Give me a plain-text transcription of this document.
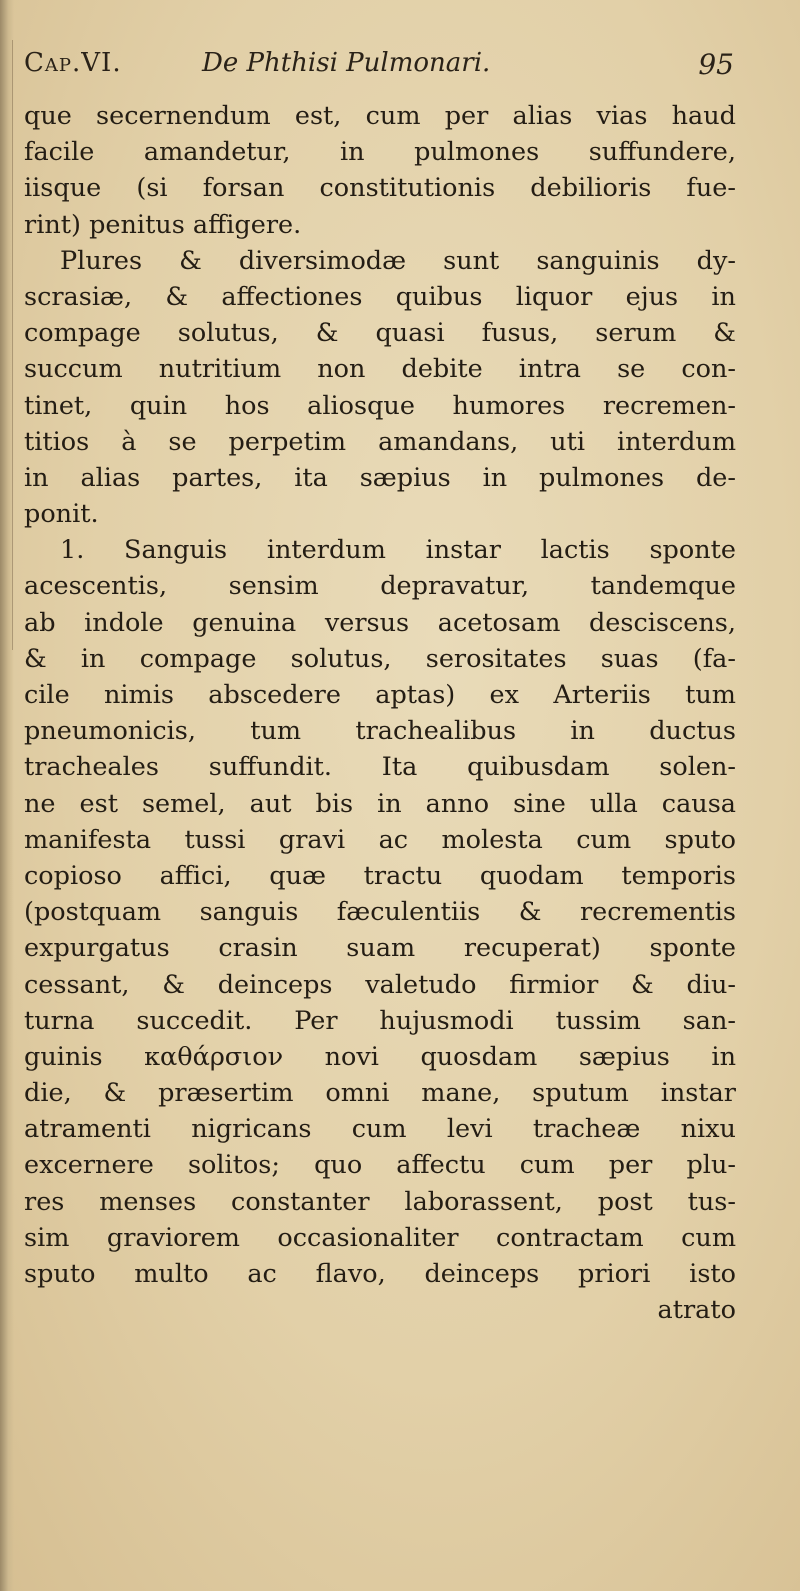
Cap.VI.	De Phthisi Pulmonari.	95
que secernendum est, cum per alias vias haud
facile amandetur, in pulmones suffundere,
iisque (si forsan constitutionis debilioris fue-
rint) penitus affigere.
Plures & diversimodæ sunt sanguinis dy-
scrasiæ, & affectiones quibus liquor ejus in
compage solutus, & quasi fusus, serum &
succum nutritium non debite intra se con-
tinet, quin hos aliosque humores recremen-
titios à se perpetim amandans, uti interdum
in alias partes, ita sæpius in pulmones de-
ponit.
1. Sanguis interdum instar lactis sponte
acescentis, sensim depravatur, tandemque
ab indole genuina versus acetosam desciscens,
& in compage solutus, serositates suas (fa-
cile nimis abscedere aptas) ex Arteriis tum
pneumonicis, tum trachealibus in ductus
tracheales suffundit. Ita quibusdam solen-
ne est semel, aut bis in anno sine ulla causa
manifesta tussi gravi ac molesta cum sputo
copioso affici, quæ tractu quodam temporis
(postquam sanguis fæculentiis & recrementis
expurgatus crasin suam recuperat) sponte
cessant, & deinceps valetudo firmior & diu-
turna succedit. Per hujusmodi tussim san-
guinis καθάρσιον novi quosdam sæpius in
die, & præsertim omni mane, sputum instar
atramenti nigricans cum levi tracheæ nixu
excernere solitos; quo affectu cum per plu-
res menses constanter laborassent, post tus-
sim graviorem occasionaliter contractam cum
sputo multo ac flavo, deinceps priori isto
atrato
